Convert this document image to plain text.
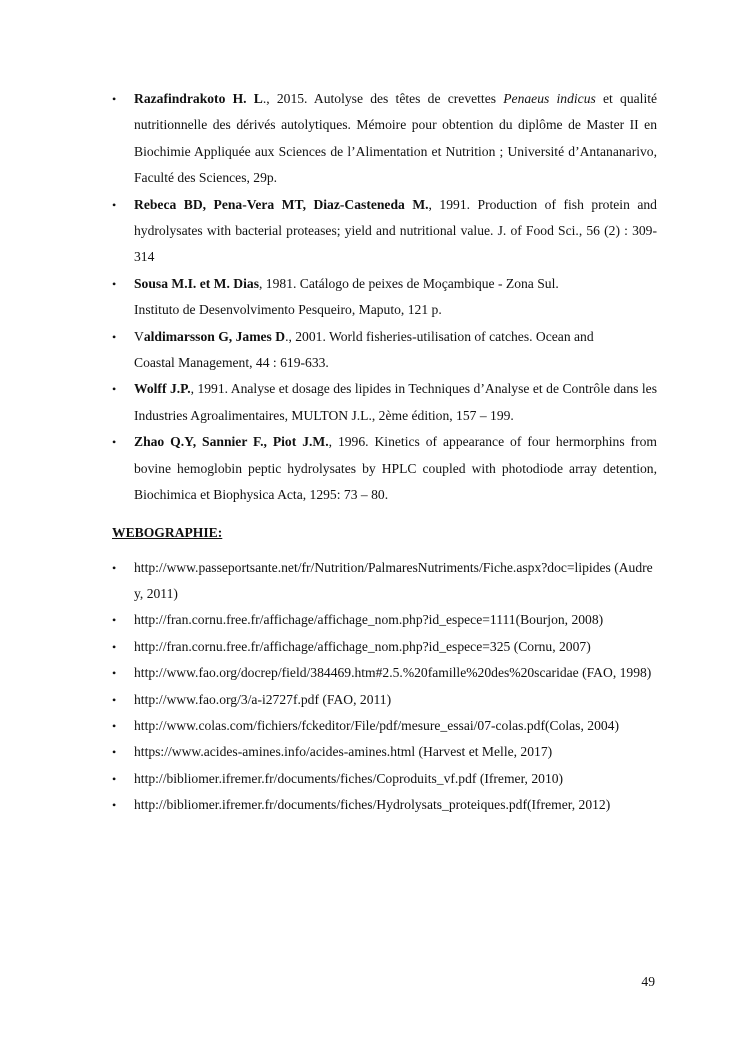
•	Razafindrakoto H. L., 2015. Autolyse des têtes de crevettes Penaeus indicus et qualité nutritionnelle des dérivés autolytiques. Mémoire pour obtention du diplôme de Master II en Biochimie Appliquée aux Sciences de l’Alimentation et Nutrition ; Université d’Antananarivo, Faculté des Sciences, 29p.
•	Rebeca BD, Pena-Vera MT, Diaz-Casteneda M., 1991. Production of fish protein and hydrolysates with bacterial proteases; yield and nutritional value. J. of Food Sci., 56 (2) : 309-314
•	Sousa M.I. et M. Dias, 1981. Catálogo de peixes de Moçambique - Zona Sul.
Instituto de Desenvolvimento Pesqueiro, Maputo, 121 p.
•	Valdimarsson G, James D., 2001. World fisheries-utilisation of catches. Ocean and
Coastal Management, 44 : 619-633.
•	Wolff J.P., 1991. Analyse et dosage des lipides in Techniques d’Analyse et de Contrôle dans les Industries Agroalimentaires, MULTON J.L., 2ème édition, 157 – 199.
•	Zhao Q.Y, Sannier F., Piot J.M., 1996. Kinetics of appearance of four hermorphins from bovine hemoglobin peptic hydrolysates by HPLC coupled with photodiode array detention, Biochimica et Biophysica Acta, 1295: 73 – 80.
WEBOGRAPHIE:
•	http://www.passeportsante.net/fr/Nutrition/PalmaresNutriments/Fiche.aspx?doc=lipides (Audrey, 2011)
•	http://fran.cornu.free.fr/affichage/affichage_nom.php?id_espece=1111(Bourjon, 2008)
•	http://fran.cornu.free.fr/affichage/affichage_nom.php?id_espece=325 (Cornu, 2007)
•	http://www.fao.org/docrep/field/384469.htm#2.5.%20famille%20des%20scaridae (FAO, 1998)
•	http://www.fao.org/3/a-i2727f.pdf (FAO, 2011)
•	http://www.colas.com/fichiers/fckeditor/File/pdf/mesure_essai/07-colas.pdf(Colas, 2004)
•	https://www.acides-amines.info/acides-amines.html (Harvest et Melle, 2017)
•	http://bibliomer.ifremer.fr/documents/fiches/Coproduits_vf.pdf (Ifremer, 2010)
•	http://bibliomer.ifremer.fr/documents/fiches/Hydrolysats_proteiques.pdf(Ifremer, 2012)
49
